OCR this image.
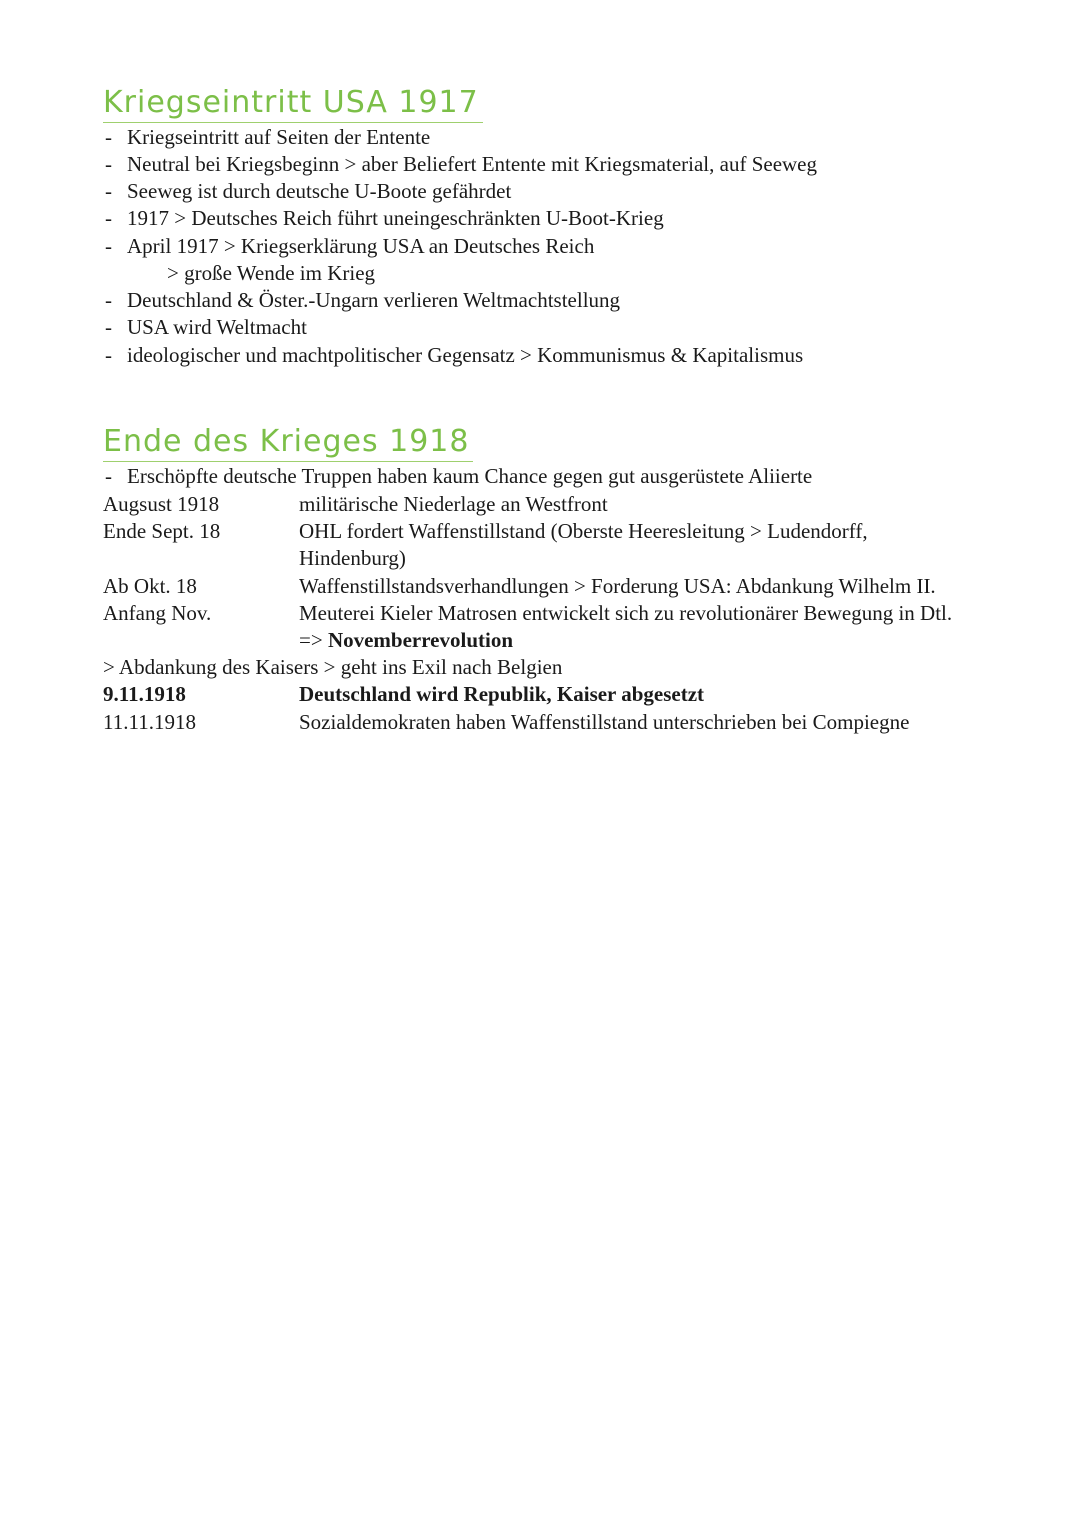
Kriegseintritt USA 1917
- Kriegseintritt auf Seiten der Entente
- Neutral bei Kriegsbeginn > aber Beliefert Entente mit Kriegsmaterial, auf Seeweg
- Seeweg ist durch deutsche U-Boote gefährdet
- 1917 > Deutsches Reich führt uneingeschränkten U-Boot-Krieg
- April 1917 > Kriegserklärung USA an Deutsches Reich
> große Wende im Krieg
- Deutschland & Öster.-Ungarn verlieren Weltmachtstellung
- USA wird Weltmacht
- ideologischer und machtpolitischer Gegensatz > Kommunismus & Kapitalismus
Ende des Krieges 1918
- Erschöpfte deutsche Truppen haben kaum Chance gegen gut ausgerüstete Aliierte
Augsust 1918	militärische Niederlage an Westfront
Ende Sept. 18	OHL fordert Waffenstillstand (Oberste Heeresleitung > Ludendorff,
Hindenburg)
Ab Okt. 18	Waffenstillstandsverhandlungen > Forderung USA: Abdankung Wilhelm II.
Anfang Nov.	Meuterei Kieler Matrosen entwickelt sich zu revolutionärer Bewegung in Dtl.
=> Novemberrevolution
> Abdankung des Kaisers > geht ins Exil nach Belgien
9.11.1918	Deutschland wird Republik, Kaiser abgesetzt
11.11.1918	Sozialdemokraten haben Waffenstillstand unterschrieben bei Compiegne
